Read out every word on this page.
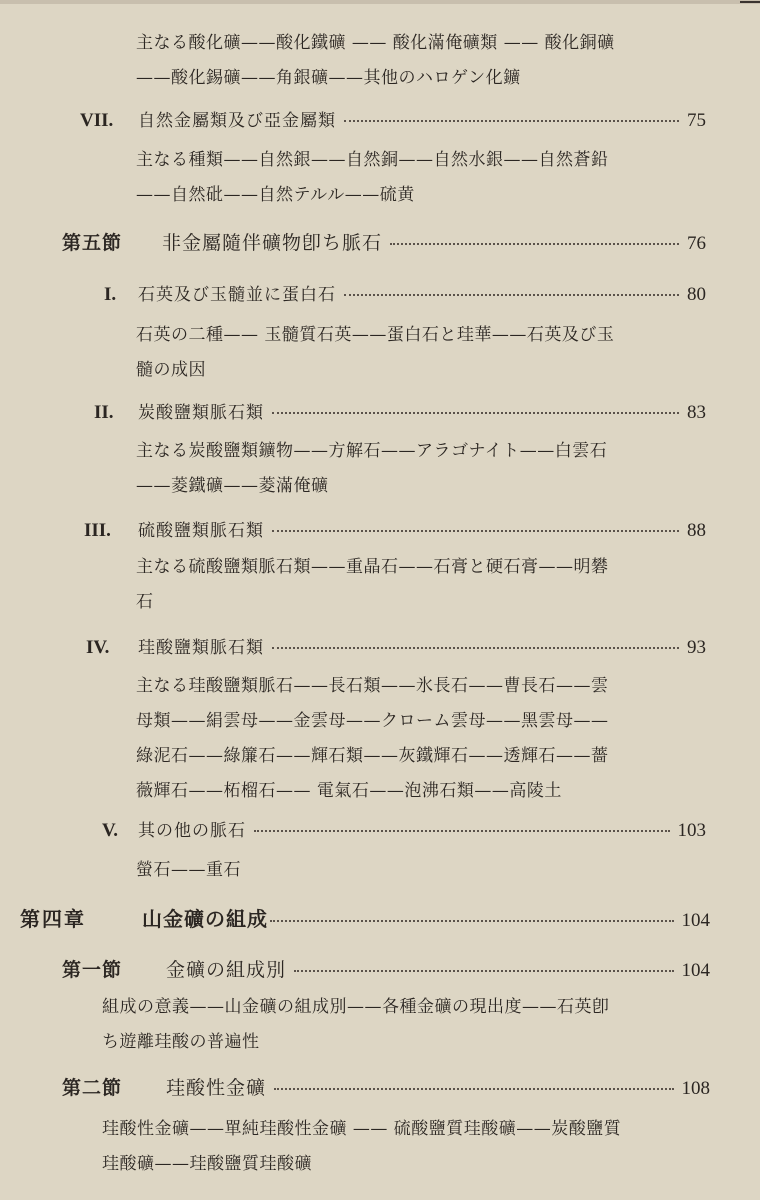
主なる酸化礦——酸化鐵礦 —— 酸化滿俺礦類 —— 酸化銅礦
——酸化錫礦——角銀礦——其他のハロゲン化鑛
VII.	自然金屬類及び亞金屬類	75
主なる種類——自然銀——自然銅——自然水銀——自然蒼鉛
——自然砒——自然テルル——硫黄
第五節	非金屬隨伴礦物卽ち脈石	76
I.	石英及び玉髓並に蛋白石	80
石英の二種—— 玉髓質石英——蛋白石と珪華——石英及び玉
髓の成因
II.	炭酸鹽類脈石類	83
主なる炭酸鹽類鑛物——方解石——アラゴナイト——白雲石
——菱鐵礦——菱滿俺礦
III.	硫酸鹽類脈石類	88
主なる硫酸鹽類脈石類——重晶石——石膏と硬石膏——明礬
石
IV.	珪酸鹽類脈石類	93
主なる珪酸鹽類脈石——長石類——氷長石——曹長石——雲
母類——絹雲母——金雲母——クローム雲母——黑雲母——
綠泥石——綠簾石——輝石類——灰鐵輝石——透輝石——薔
薇輝石——柘榴石—— 電氣石——泡沸石類——高陵土
V.	其の他の脈石	103
螢石——重石
第四章	山金礦の組成	104
第一節	金礦の組成別	104
組成の意義——山金礦の組成別——各種金礦の現出度——石英卽
ち遊離珪酸の普遍性
第二節	珪酸性金礦	108
珪酸性金礦——單純珪酸性金礦 —— 硫酸鹽質珪酸礦——炭酸鹽質
珪酸礦——珪酸鹽質珪酸礦
